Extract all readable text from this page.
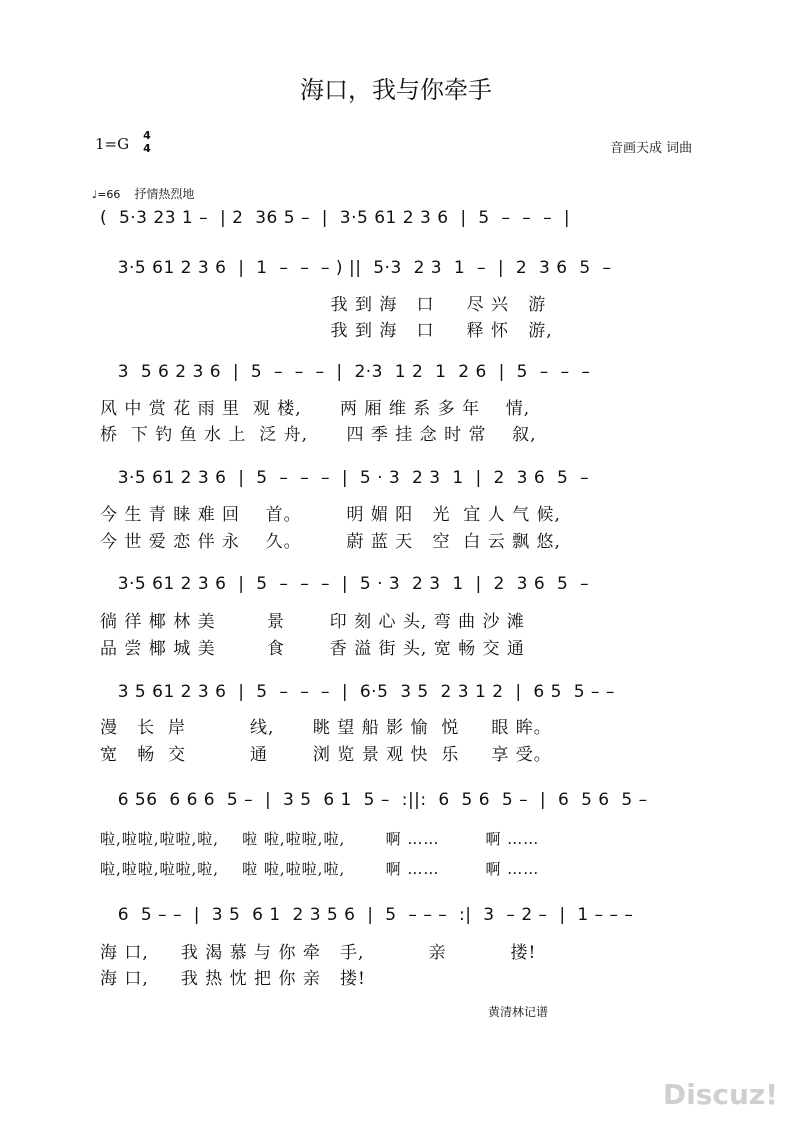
海口，我与你牵手
1=G 4
4	音画天成 词曲
♩=66 抒情热烈地
(  5·3 23 1 –  | 2  36 5 –  |  3·5 61 2 3 6  |  5  –  –  –  |
3·5 61 2 3 6  |  1  –  –  – ) ||  5·3  2 3  1  –  |  2  3 6  5  –
我 到 海   口     尽 兴   游
我 到 海   口     释 怀   游,
3  5 6 2 3 6  |  5  –  –  –  |  2·3  1 2  1  2 6  |  5  –  –  –
风 中 赏 花 雨 里  观 楼,      两 厢 维 系 多 年    情,
桥  下 钓 鱼 水 上  泛 舟,      四 季 挂 念 时 常    叙,
3·5 61 2 3 6  |  5  –  –  –  |  5 · 3  2 3  1  |  2  3 6  5  –
今 生 青 睐 难 回    首。       明 媚 阳   光  宜 人 气 候,
今 世 爱 恋 伴 永    久。       蔚 蓝 天   空  白 云 飘 悠,
3·5 61 2 3 6  |  5  –  –  –  |  5 · 3  2 3  1  |  2  3 6  5  –
徜 徉 椰 林 美        景       印 刻 心 头, 弯 曲 沙 滩
品 尝 椰 城 美        食       香 溢 街 头, 宽 畅 交 通
3 5 61 2 3 6  |  5  –  –  –  |  6·5  3 5  2 3 1 2  |  6 5  5 – –
漫   长  岸          线,      眺 望 船 影 愉  悦     眼 眸。
宽   畅  交          通       浏 览 景 观 快  乐     享 受。
6 56  6 6 6  5 –  |  3 5  6 1  5 –  :||:  6  5 6  5 –  |  6  5 6  5 –
啦,啦啦,啦啦,啦,    啦 啦,啦啦,啦,       啊 ……        啊 ……
啦,啦啦,啦啦,啦,    啦 啦,啦啦,啦,       啊 ……        啊 ……
6  5 – –  |  3 5  6 1  2 3 5 6  |  5  – – –  :|  3  – 2 –  |  1 – – –
海 口,     我 渴 慕 与 你 牵   手,          亲          搂!
海 口,     我 热 忱 把 你 亲   搂!
黄清林记谱
Discuz!
